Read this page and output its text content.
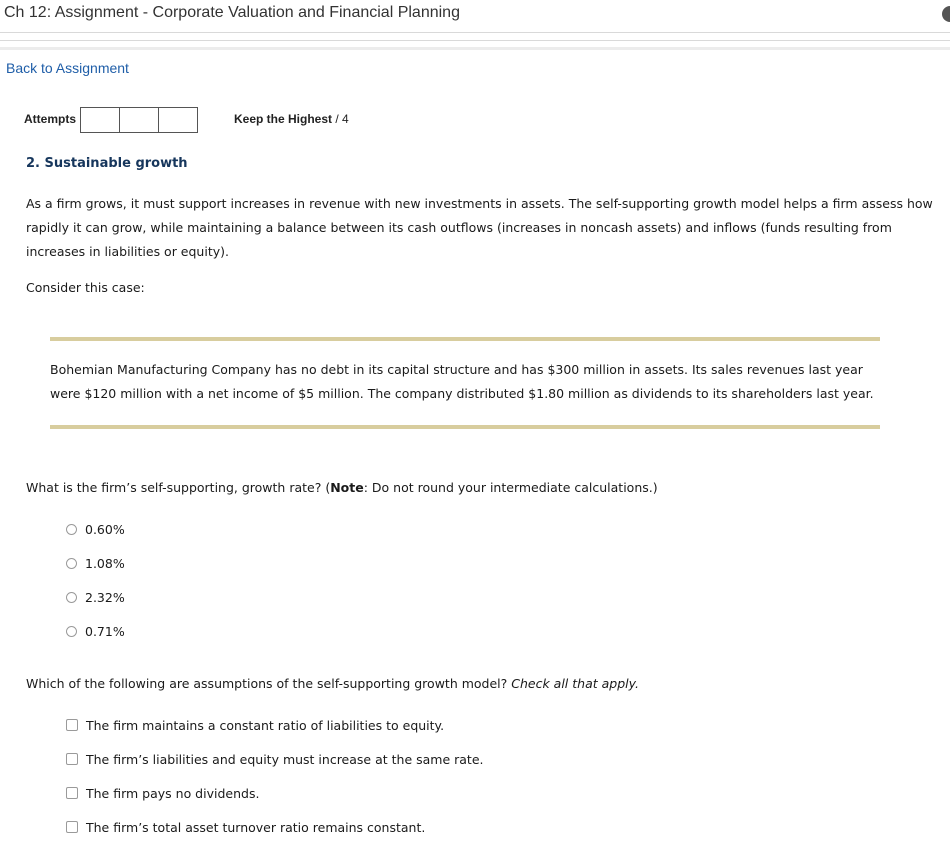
Ch 12: Assignment - Corporate Valuation and Financial Planning
Back to Assignment
Attempts	Keep the Highest / 4
2. Sustainable growth
As a firm grows, it must support increases in revenue with new investments in assets. The self-supporting growth model helps a firm assess how rapidly it can grow, while maintaining a balance between its cash outflows (increases in noncash assets) and inflows (funds resulting from increases in liabilities or equity).
Consider this case:
Bohemian Manufacturing Company has no debt in its capital structure and has $300 million in assets. Its sales revenues last year were $120 million with a net income of $5 million. The company distributed $1.80 million as dividends to its shareholders last year.
What is the firm’s self-supporting, growth rate? (Note: Do not round your intermediate calculations.)
0.60%
1.08%
2.32%
0.71%
Which of the following are assumptions of the self-supporting growth model? Check all that apply.
The firm maintains a constant ratio of liabilities to equity.
The firm’s liabilities and equity must increase at the same rate.
The firm pays no dividends.
The firm’s total asset turnover ratio remains constant.
